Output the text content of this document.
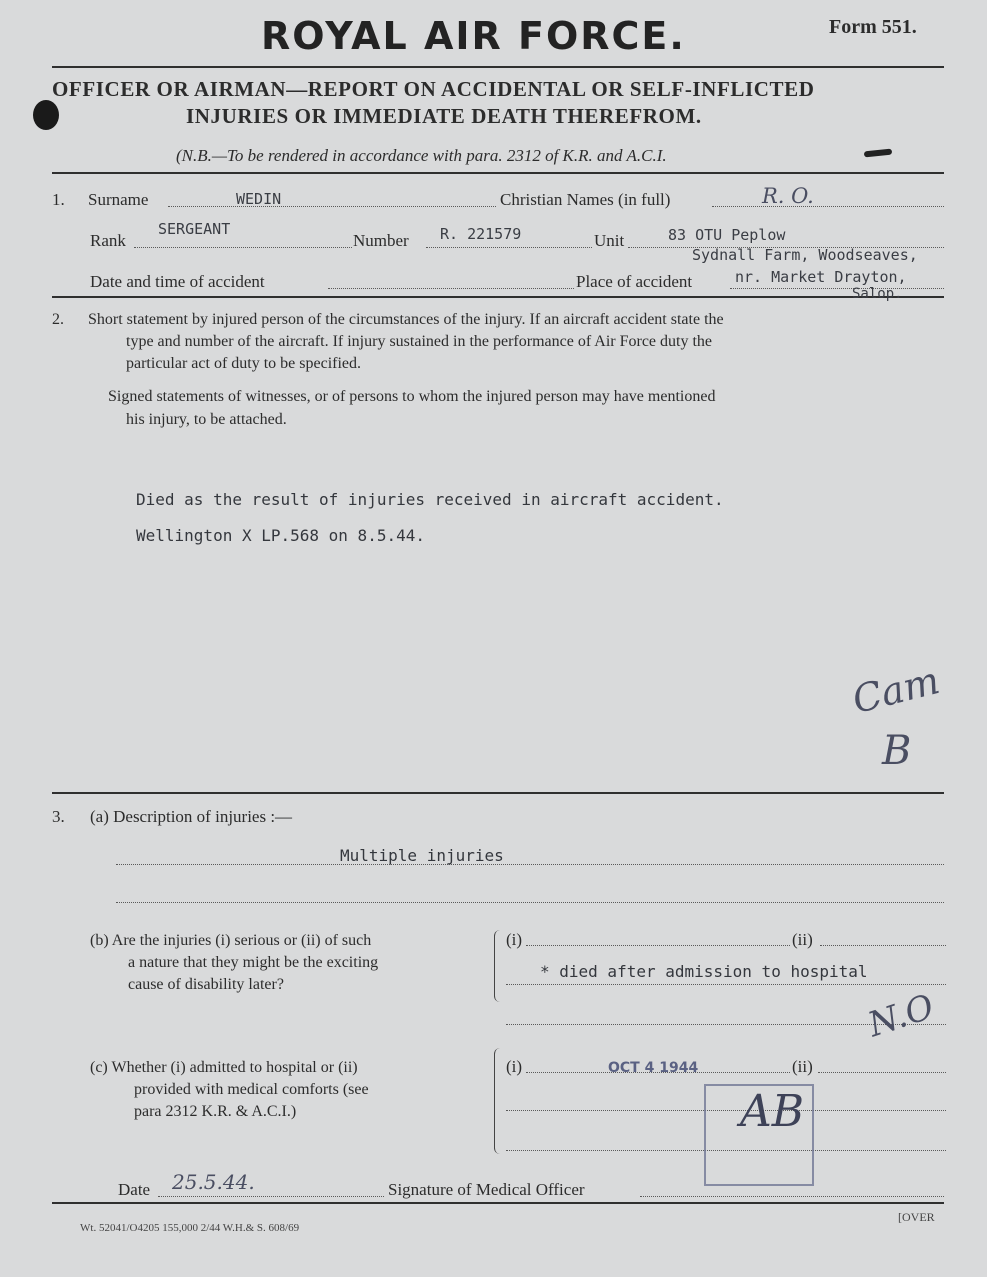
ROYAL AIR FORCE.	Form 551.
OFFICER OR AIRMAN—REPORT ON ACCIDENTAL OR SELF-INFLICTED
INJURIES OR IMMEDIATE DEATH THEREFROM.
(N.B.—To be rendered in accordance with para. 2312 of K.R. and A.C.I.
1. Surname	WEDIN	Christian Names (in full)	R. O.
Rank
SERGEANT
Number R. 221579	Unit	83 OTU Peplow
Sydnall Farm, Woodseaves,
Date and time of accident	Place of accident	nr. Market Drayton,
Salop.
2. Short statement by injured person of the circumstances of the injury. If an aircraft accident state the
type and number of the aircraft. If injury sustained in the performance of Air Force duty the
particular act of duty to be specified.
Signed statements of witnesses, or of persons to whom the injured person may have mentioned
his injury, to be attached.
Died as the result of injuries received in aircraft accident.
Wellington X LP.568 on 8.5.44.
Cam
B
3. (a) Description of injuries :—
Multiple injuries
(b) Are the injuries (i) serious or (ii) of such
a nature that they might be the exciting
cause of disability later?
(i)	(ii)
* died after admission to hospital
N.O
(c) Whether (i) admitted to hospital or (ii)
provided with medical comforts (see
para 2312 K.R. & A.C.I.)
(i)	(ii)
OCT 4 1944
AB
Date 25.5.44.	Signature of Medical Officer
Wt. 52041/O4205 155,000 2/44 W.H.& S. 608/69
[OVER
